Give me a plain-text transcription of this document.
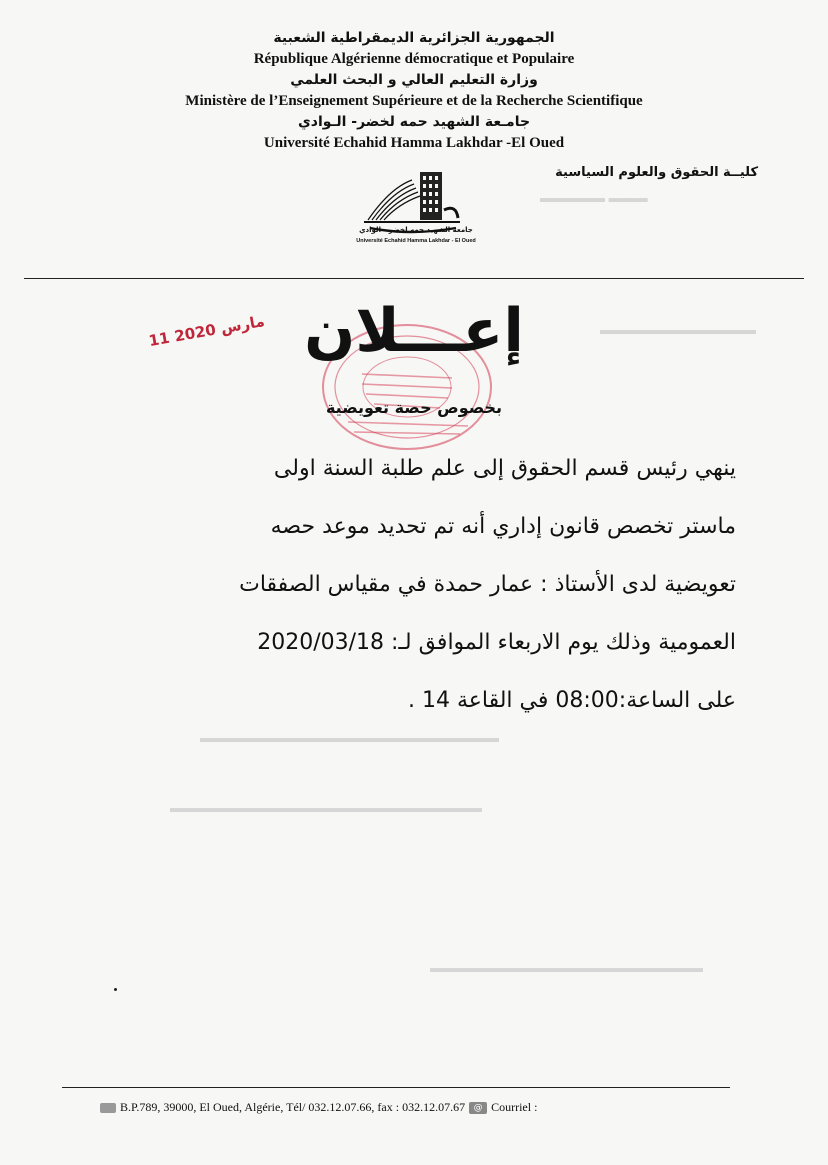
▬▬▬▬▬ ▬▬▬
▬▬▬▬▬▬▬▬▬▬▬▬
▬▬▬▬▬▬▬▬▬▬▬▬▬▬▬▬▬▬▬▬▬▬▬
▬▬▬▬▬▬▬▬▬▬▬▬▬▬▬▬▬▬▬▬▬▬▬▬
▬▬▬▬▬▬▬▬▬▬▬▬▬▬▬▬▬▬▬▬▬
الجمهورية الجزائرية الديمقراطية الشعبية
République Algérienne démocratique et Populaire
وزارة التعليم العالي و البحث العلمي
Ministère de l’Enseignement Supérieure et de la Recherche Scientifique
جامـعة الشهيد حمه لخضر- الـوادي
Université Echahid Hamma Lakhdar -El Oued
كليــة الحقوق والعلوم السياسية
جامعة الشهيد حمه لخضر - الوادي
Université Echahid Hamma Lakhdar - El Oued
إعـــلان
11 مارس 2020
بخصوص حصة تعويضية
ينهي رئيس قسم الحقوق إلى علم طلبة السنة اولى
ماستر تخصص قانون إداري أنه تم تحديد موعد حصه
تعويضية لدى الأستاذ : عمار حمدة في مقياس الصفقات
العمومية وذلك يوم الاربعاء الموافق لـ: 2020/03/18
على الساعة:08:00 في القاعة 14 .
B.P.789, 39000, El Oued, Algérie, Tél/ 032.12.07.66, fax : 032.12.07.67 @ Courriel :
